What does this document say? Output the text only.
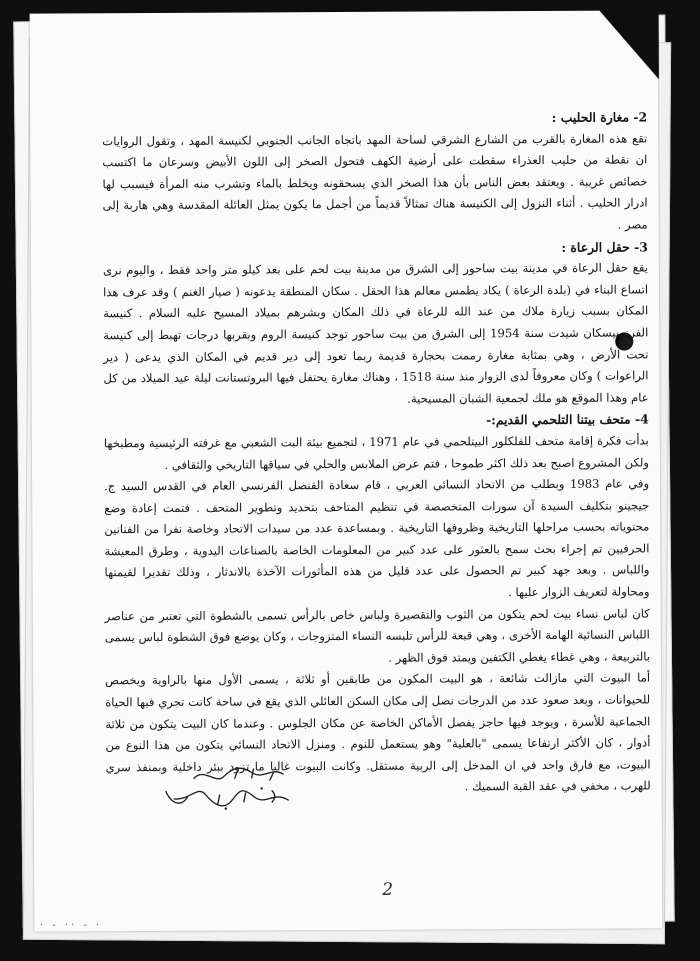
2- مغارة الحليب :

تقع هذه المغارة بالقرب من الشارع الشرقي لساحة المهد باتجاه الجانب الجنوبي لكنيسة المهد ، وتقول الروايات ان نقطة من حليب العذراء سقطت على أرضية الكهف فتحول الصخر إلى اللون الأبيض وسرعان ما اكتسب خصائص غريبة . ويعتقد بعض الناس بأن هذا الصخر الذي يسحقونه ويخلط بالماء وتشرب منه المرأة فيسبب لها ادرار الحليب . أثناء النزول إلى الكنيسة هناك تمثالاً قديماً من أجمل ما يكون يمثل العائلة المقدسة وهي هاربة إلى مصر .

3- حقل الرعاة :

يقع حقل الرعاة في مدينة بيت ساحور إلى الشرق من مدينة بيت لحم على بعد كيلو متر واحد فقط ، واليوم نرى اتساع البناء في (بلدة الرعاة ) يكاد يطمس معالم هذا الحقل . سكان المنطقة يدعونه ( صيار الغنم ) وقد عرف هذا المكان بسبب زيارة ملاك من عند الله للرعاة في ذلك المكان وبشرهم بميلاد المسيح عليه السلام . كنيسة الفرنسيسكان شيدت سنة 1954 إلى الشرق من بيت ساحور توجد كنيسة الروم وبقربها درجات تهبط إلى كنيسة تحت الأرض ، وهي بمثابة مغارة رممت بحجارة قديمة ربما تعود إلى دير قديم في المكان الذي يدعى ( دير الراعوات ) وكان معروفاً لدى الزوار منذ سنة 1518 ، وهناك مغارة يحتفل فيها البروتستانت ليلة عيد الميلاد من كل عام وهذا الموقع هو ملك لجمعية الشبان المسيحية.

4- متحف بيتنا التلحمي القديم:-

بدأت فكرة إقامة متحف للفلكلور البيتلحمي في عام 1971 ، لتجميع بيئة البت الشعبي مع غرفته الرئيسية ومطبخها ولكن المشروع اصبح بعد ذلك اكثر طموحا ، فتم عرض الملابس والحلي في سياقها التاريخي والثقافي .

وفي عام 1983 وبطلب من الاتحاد النسائي العربي ، قام سعادة القنصل الفرنسي العام في القدس السيد ج. جيجينو بتكليف السيدة آن سورات المتخصصة في تنظيم المتاحف بتحديد وتطوير المتحف . فتمت إعادة وضع محتوياته بحسب مراحلها التاريخية وظروفها التاريخية . وبمساعدة عدد من سيدات الاتحاد وخاصة نفرا من الفنانين الحرفيين تم إجراء بحث سمح بالعثور على عدد كبير من المعلومات الخاصة بالصناعات اليدوية ، وطرق المعيشة واللباس . وبعد جهد كبير تم الحصول على عدد قليل من هذه المأثورات الآخذة بالاندثار ، وذلك تقديرا لقيمتها ومحاولة لتعريف الزوار عليها .

كان لباس نساء بيت لحم يتكون من الثوب والتقصيرة ولباس خاص بالرأس تسمى بالشطوة التي تعتبر من عناصر اللباس النسائية الهامة الأخرى ، وهي قبعة للرأس تلبسه النساء المتزوجات ، وكان يوضع فوق الشطوة لباس يسمى بالتربيعة ، وهي غطاء يغطي الكتفين ويمتد فوق الظهر .

أما البيوت التي مازالت شائعة ، هو البيت المكون من طابقين أو ثلاثة ، يسمى الأول منها بالراوية ويخصص للحيوانات ، وبعد صعود عدد من الدرجات نصل إلى مكان السكن العائلي الذي يقع في ساحة كانت تجري فيها الحياة الجماعية للأسرة ، ويوجد فيها حاجز يفصل الأماكن الخاصة عن مكان الجلوس . وعندما كان البيت يتكون من ثلاثة أدوار ، كان الأكثر ارتفاعا يسمى "بالعلية" وهو يستعمل للنوم . ومنزل الاتحاد النسائي يتكون من هذا النوع من البيوت، مع فارق واحد في ان المدخل إلى الربية مستقل. وكانت البيوت غالبا ما تزود ببئر داخلية وبمنفذ سري للهرب ، مخفي في عقد القبة السميك .

2
· - ·· - ·
